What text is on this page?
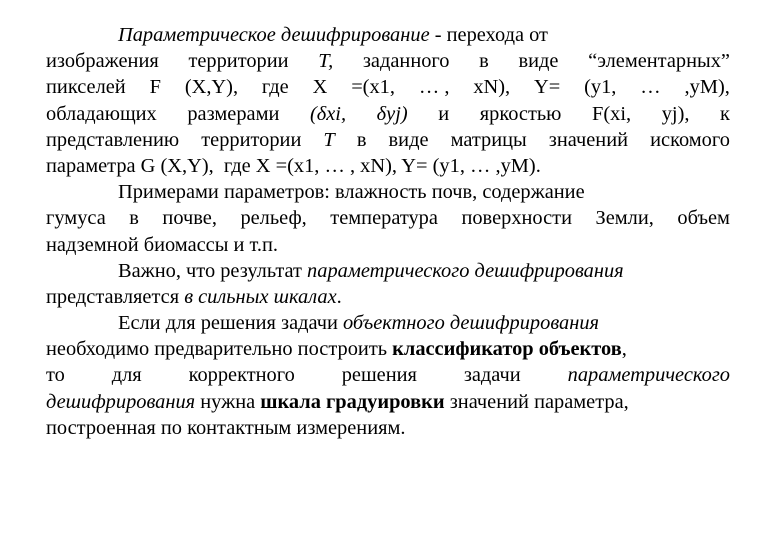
Параметрическое дешифрирование - перехода от
изображения территории T, заданного в виде “элементарных”
пикселей F (X,Y), где X =(x1, … , xN), Y= (y1, … ,yM),
обладающих размерами (δxi, δyj) и яркостью F(xi, yj), к
представлению территории T в виде матрицы значений искомого
параметра G (X,Y),  где X =(x1, … , xN), Y= (y1, … ,yM).
Примерами параметров: влажность почв, содержание
гумуса в почве, рельеф, температура поверхности Земли, объем
надземной биомассы и т.п.
Важно, что результат параметрического дешифрирования
представляется в сильных шкалах.
Если для решения задачи объектного дешифрирования
необходимо предварительно построить классификатор объектов,
то для корректного решения задачи параметрического
дешифрирования нужна шкала градуировки значений параметра,
построенная по контактным измерениям.
